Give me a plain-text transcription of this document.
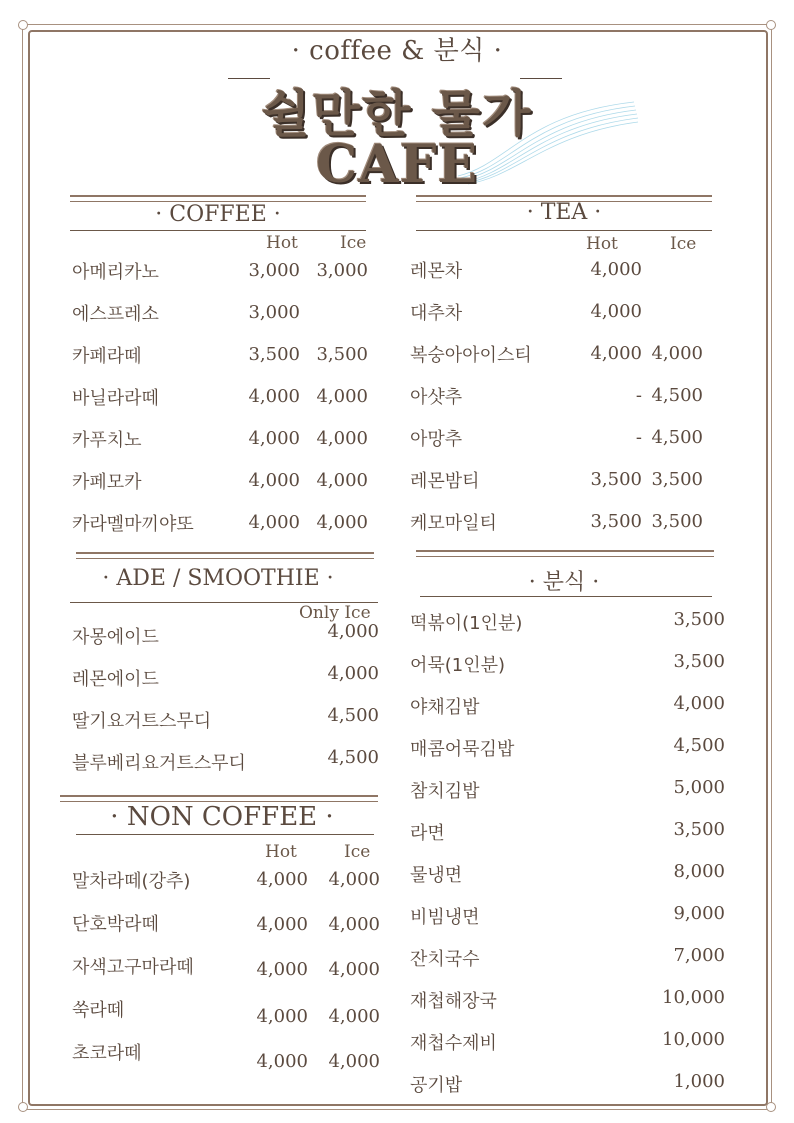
· coffee & 분식 ·
쉴만한 물가
CAFE
· COFFEE ·
Hot Ice
아메리카노	3,000 3,000
에스프레소	3,000
카페라떼	3,500 3,500
바닐라라떼	4,000 4,000
카푸치노	4,000 4,000
카페모카	4,000 4,000
카라멜마끼야또	4,000 4,000
· TEA ·
Hot	Ice
레몬차	4,000
대추차	4,000
복숭아아이스티	4,000 4,000
아샷추	- 4,500
아망추	- 4,500
레몬밤티	3,500 3,500
케모마일티	3,500 3,500
· ADE / SMOOTHIE ·
Only Ice
자몽에이드	4,000
레몬에이드	4,000
딸기요거트스무디	4,500
블루베리요거트스무디	4,500
· NON COFFEE ·
Hot	Ice
말차라떼(강추)	4,000	4,000
단호박라떼	4,000	4,000
자색고구마라떼	4,000	4,000
쑥라떼	4,000	4,000
초코라떼	4,000	4,000
· 분식 ·
떡볶이(1인분)	3,500
어묵(1인분)	3,500
야채김밥	4,000
매콤어묵김밥	4,500
참치김밥	5,000
라면	3,500
물냉면	8,000
비빔냉면	9,000
잔치국수	7,000
재첩해장국	10,000
재첩수제비	10,000
공기밥	1,000
